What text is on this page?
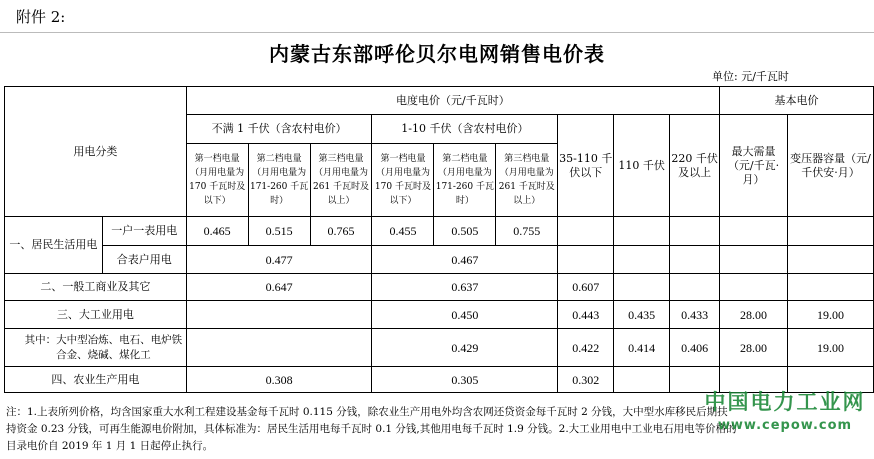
附件 2:
内蒙古东部呼伦贝尔电网销售电价表
单位: 元/千瓦时
用电分类		电度电价（元/千瓦时）									基本电价	
		不满 1 千伏（含农村电价）			1-10 千伏（含农村电价）			35-110 千伏以下	110 千伏	220 千伏及以上	最大需量（元/千瓦·月）	变压器容量（元/千伏安·月）
		第一档电量（月用电量为 170 千瓦时及以下）	第二档电量（月用电量为 171-260 千瓦时）	第三档电量（月用电量为 261 千瓦时及以上）	第一档电量（月用电量为 170 千瓦时及以下）	第二档电量（月用电量为 171-260 千瓦时）	第三档电量（月用电量为 261 千瓦时及以上）					
一、居民生活用电	一户一表用电	0.465	0.515	0.765	0.455	0.505	0.755					
	合表户用电	0.477			0.467							
二、一般工商业及其它		0.647			0.637			0.607				
三、大工业用电					0.450			0.443	0.435	0.433	28.00	19.00
其中：大中型冶炼、电石、电炉铁合金、烧碱、煤化工					0.429			0.422	0.414	0.406	28.00	19.00
四、农业生产用电		0.308			0.305			0.302				
注：1.上表所列价格，均含国家重大水利工程建设基金每千瓦时 0.115 分钱，除农业生产用电外均含农网还贷资金每千瓦时 2 分钱，大中型水库移民后期扶
持资金 0.23 分钱，可再生能源电价附加，具体标准为：居民生活用电每千瓦时 0.1 分钱,其他用电每千瓦时 1.9 分钱。2.大工业用电中工业电石用电等价格的
目录电价自 2019 年 1 月 1 日起停止执行。
中国电力工业网
www.cepow.com
